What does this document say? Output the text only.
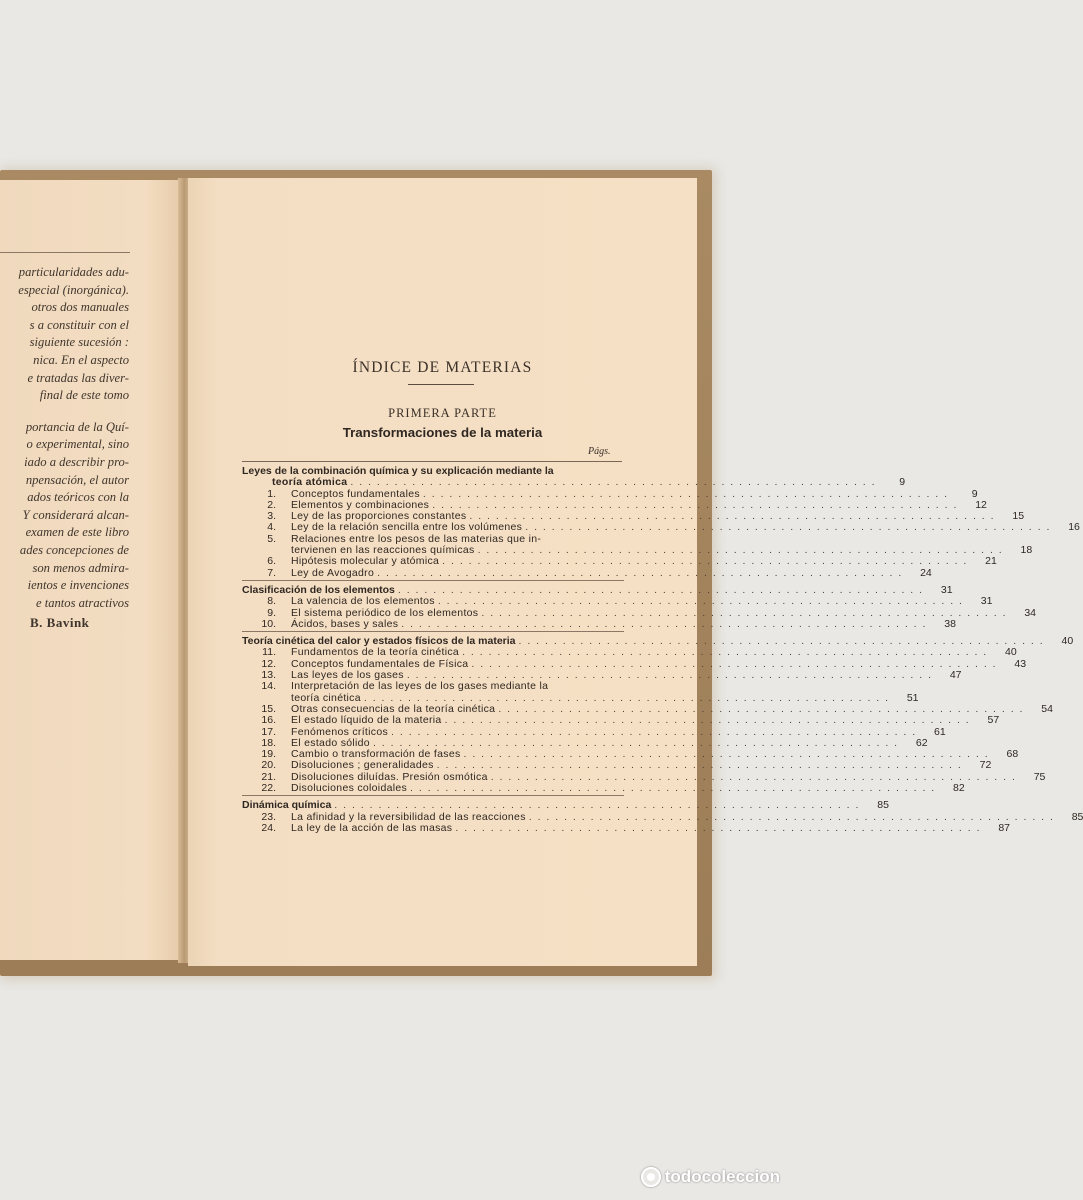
particularidades adu-
especial (inorgánica).
otros dos manuales
s a constituir con el
siguiente sucesión :
nica. En el aspecto
e tratadas las diver-
final de este tomo
portancia de la Quí-
o experimental, sino
iado a describir pro-
npensación, el autor
ados teóricos con la
Y considerará alcan-
examen de este libro
ades concepciones de
son menos admira-
ientos e invenciones
e tantos atractivos
B. Bavink
ÍNDICE DE MATERIAS
PRIMERA PARTE
Transformaciones de la materia
Págs.
Leyes de la combinación química y su explicación mediante la
teoría atómica . . . . . . . . . . . . . . . . . . . . . . . . . . . . . . . . . . . . . . . . . . . . . . . . . . . . . . . . . . . .	9
1.	Conceptos fundamentales . . . . . . . . . . . . . . . . . . . . . . . . . . . . . . . . . . . . . . . . . . . . . . . . . . . . . . . . . . . .	9
2.	Elementos y combinaciones . . . . . . . . . . . . . . . . . . . . . . . . . . . . . . . . . . . . . . . . . . . . . . . . . . . . . . . . . . . .	12
3.	Ley de las proporciones constantes . . . . . . . . . . . . . . . . . . . . . . . . . . . . . . . . . . . . . . . . . . . . . . . . . . . . . . . . . . . .	15
4.	Ley de la relación sencilla entre los volúmenes . . . . . . . . . . . . . . . . . . . . . . . . . . . . . . . . . . . . . . . . . . . . . . . . . . . . . . . . . . . .	16
5.	Relaciones entre los pesos de las materias que in-
tervienen en las reacciones químicas . . . . . . . . . . . . . . . . . . . . . . . . . . . . . . . . . . . . . . . . . . . . . . . . . . . . . . . . . . . .	18
6.	Hipótesis molecular y atómica . . . . . . . . . . . . . . . . . . . . . . . . . . . . . . . . . . . . . . . . . . . . . . . . . . . . . . . . . . . .	21
7.	Ley de Avogadro . . . . . . . . . . . . . . . . . . . . . . . . . . . . . . . . . . . . . . . . . . . . . . . . . . . . . . . . . . . .	24
Clasificación de los elementos . . . . . . . . . . . . . . . . . . . . . . . . . . . . . . . . . . . . . . . . . . . . . . . . . . . . . . . . . . . .	31
8.	La valencia de los elementos . . . . . . . . . . . . . . . . . . . . . . . . . . . . . . . . . . . . . . . . . . . . . . . . . . . . . . . . . . . .	31
9.	El sistema periódico de los elementos . . . . . . . . . . . . . . . . . . . . . . . . . . . . . . . . . . . . . . . . . . . . . . . . . . . . . . . . . . . .	34
10.	Ácidos, bases y sales . . . . . . . . . . . . . . . . . . . . . . . . . . . . . . . . . . . . . . . . . . . . . . . . . . . . . . . . . . . .	38
Teoría cinética del calor y estados físicos de la materia . . . . . . . . . . . . . . . . . . . . . . . . . . . . . . . . . . . . . . . . . . . . . . . . . . . . . . . . . . . .	40
11.	Fundamentos de la teoría cinética . . . . . . . . . . . . . . . . . . . . . . . . . . . . . . . . . . . . . . . . . . . . . . . . . . . . . . . . . . . .	40
12.	Conceptos fundamentales de Física . . . . . . . . . . . . . . . . . . . . . . . . . . . . . . . . . . . . . . . . . . . . . . . . . . . . . . . . . . . .	43
13.	Las leyes de los gases . . . . . . . . . . . . . . . . . . . . . . . . . . . . . . . . . . . . . . . . . . . . . . . . . . . . . . . . . . . .	47
14.	Interpretación de las leyes de los gases mediante la
teoría cinética . . . . . . . . . . . . . . . . . . . . . . . . . . . . . . . . . . . . . . . . . . . . . . . . . . . . . . . . . . . .	51
15.	Otras consecuencias de la teoría cinética . . . . . . . . . . . . . . . . . . . . . . . . . . . . . . . . . . . . . . . . . . . . . . . . . . . . . . . . . . . .	54
16.	El estado líquido de la materia . . . . . . . . . . . . . . . . . . . . . . . . . . . . . . . . . . . . . . . . . . . . . . . . . . . . . . . . . . . .	57
17.	Fenómenos críticos . . . . . . . . . . . . . . . . . . . . . . . . . . . . . . . . . . . . . . . . . . . . . . . . . . . . . . . . . . . .	61
18.	El estado sólido . . . . . . . . . . . . . . . . . . . . . . . . . . . . . . . . . . . . . . . . . . . . . . . . . . . . . . . . . . . .	62
19.	Cambio o transformación de fases . . . . . . . . . . . . . . . . . . . . . . . . . . . . . . . . . . . . . . . . . . . . . . . . . . . . . . . . . . . .	68
20.	Disoluciones ; generalidades . . . . . . . . . . . . . . . . . . . . . . . . . . . . . . . . . . . . . . . . . . . . . . . . . . . . . . . . . . . .	72
21.	Disoluciones diluídas. Presión osmótica . . . . . . . . . . . . . . . . . . . . . . . . . . . . . . . . . . . . . . . . . . . . . . . . . . . . . . . . . . . .	75
22.	Disoluciones coloidales . . . . . . . . . . . . . . . . . . . . . . . . . . . . . . . . . . . . . . . . . . . . . . . . . . . . . . . . . . . .	82
Dinámica química . . . . . . . . . . . . . . . . . . . . . . . . . . . . . . . . . . . . . . . . . . . . . . . . . . . . . . . . . . . .	85
23.	La afinidad y la reversibilidad de las reacciones . . . . . . . . . . . . . . . . . . . . . . . . . . . . . . . . . . . . . . . . . . . . . . . . . . . . . . . . . . . .	85
24.	La ley de la acción de las masas . . . . . . . . . . . . . . . . . . . . . . . . . . . . . . . . . . . . . . . . . . . . . . . . . . . . . . . . . . . .	87
todocoleccion
